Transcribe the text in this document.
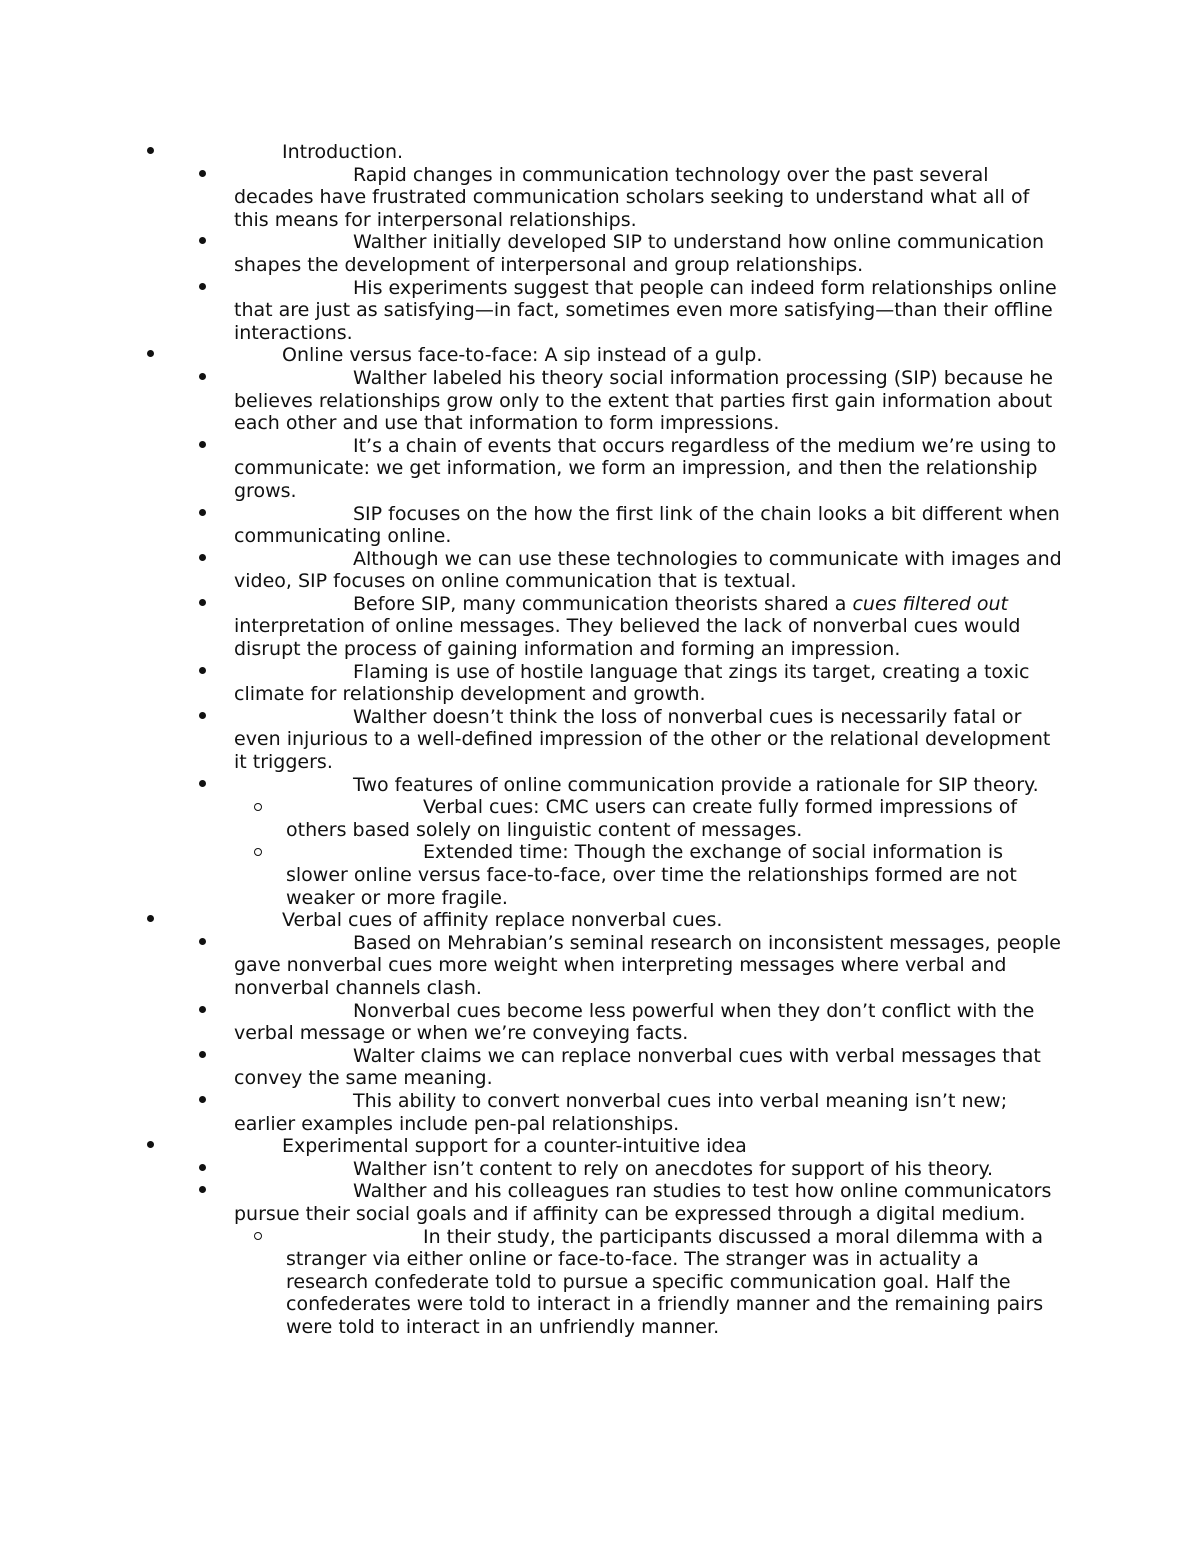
Introduction.
Rapid changes in communication technology over the past several decades have frustrated communication scholars seeking to understand what all of this means for interpersonal relationships.
Walther initially developed SIP to understand how online communication shapes the development of interpersonal and group relationships.
His experiments suggest that people can indeed form relationships online that are just as satisfying—in fact, sometimes even more satisfying—than their offline interactions.
Online versus face-to-face: A sip instead of a gulp.
Walther labeled his theory social information processing (SIP) because he believes relationships grow only to the extent that parties first gain information about each other and use that information to form impressions.
It’s a chain of events that occurs regardless of the medium we’re using to communicate: we get information, we form an impression, and then the relationship grows.
SIP focuses on the how the first link of the chain looks a bit different when communicating online.
Although we can use these technologies to communicate with images and video, SIP focuses on online communication that is textual.
Before SIP, many communication theorists shared a cues filtered out interpretation of online messages. They believed the lack of nonverbal cues would disrupt the process of gaining information and forming an impression.
Flaming is use of hostile language that zings its target, creating a toxic climate for relationship development and growth.
Walther doesn’t think the loss of nonverbal cues is necessarily fatal or even injurious to a well-defined impression of the other or the relational development it triggers.
Two features of online communication provide a rationale for SIP theory.
Verbal cues: CMC users can create fully formed impressions of others based solely on linguistic content of messages.
Extended time: Though the exchange of social information is slower online versus face-to-face, over time the relationships formed are not weaker or more fragile.
Verbal cues of affinity replace nonverbal cues.
Based on Mehrabian’s seminal research on inconsistent messages, people gave nonverbal cues more weight when interpreting messages where verbal and nonverbal channels clash.
Nonverbal cues become less powerful when they don’t conflict with the verbal message or when we’re conveying facts.
Walter claims we can replace nonverbal cues with verbal messages that convey the same meaning.
This ability to convert nonverbal cues into verbal meaning isn’t new; earlier examples include pen-pal relationships.
Experimental support for a counter-intuitive idea
Walther isn’t content to rely on anecdotes for support of his theory.
Walther and his colleagues ran studies to test how online communicators pursue their social goals and if affinity can be expressed through a digital medium.
In their study, the participants discussed a moral dilemma with a stranger via either online or face-to-face. The stranger was in actuality a research confederate told to pursue a specific communication goal. Half the confederates were told to interact in a friendly manner and the remaining pairs were told to interact in an unfriendly manner.
